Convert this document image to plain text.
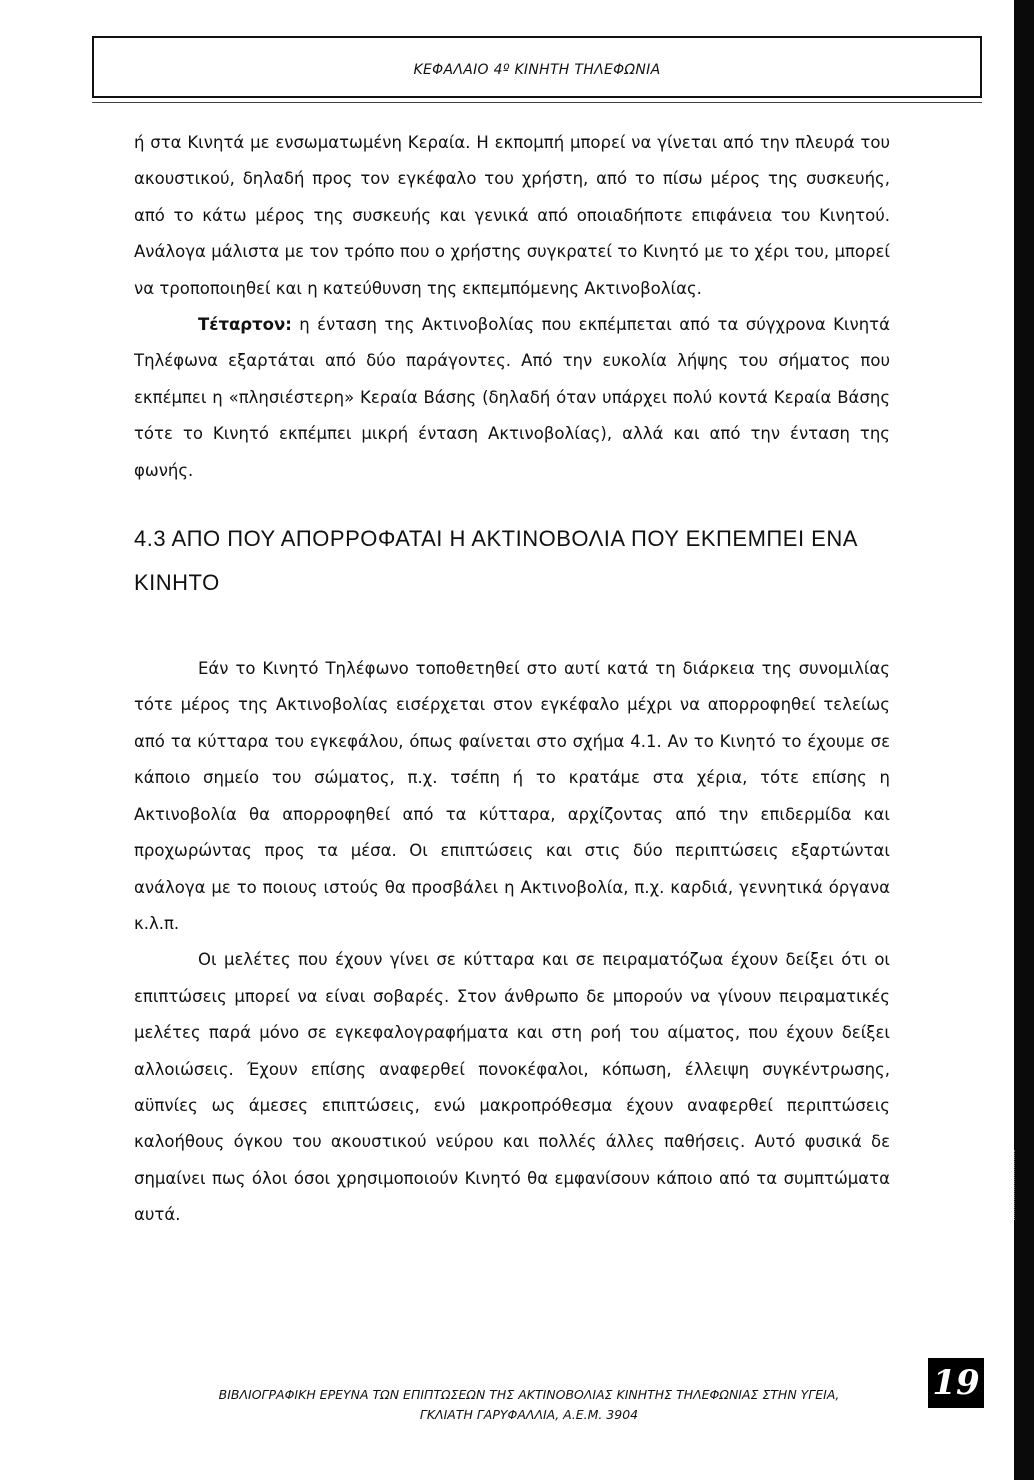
ΚΕΦΑΛΑΙΟ 4º ΚΙΝΗΤΗ ΤΗΛΕΦΩΝΙΑ

ή στα Κινητά με ενσωματωμένη Κεραία. Η εκπομπή μπορεί να γίνεται από την πλευρά του ακουστικού, δηλαδή προς τον εγκέφαλο του χρήστη, από το πίσω μέρος της συσκευής, από το κάτω μέρος της συσκευής και γενικά από οποιαδήποτε επιφάνεια του Κινητού. Ανάλογα μάλιστα με τον τρόπο που ο χρήστης συγκρατεί το Κινητό με το χέρι του, μπορεί να τροποποιηθεί και η κατεύθυνση της εκπεμπόμενης Ακτινοβολίας.

Τέταρτον: η ένταση της Ακτινοβολίας που εκπέμπεται από τα σύγχρονα Κινητά Τηλέφωνα εξαρτάται από δύο παράγοντες. Από την ευκολία λήψης του σήματος που εκπέμπει η «πλησιέστερη» Κεραία Βάσης (δηλαδή όταν υπάρχει πολύ κοντά Κεραία Βάσης τότε το Κινητό εκπέμπει μικρή ένταση Ακτινοβολίας), αλλά και από την ένταση της φωνής.

4.3 ΑΠΟ ΠΟΥ ΑΠΟΡΡΟΦΑΤΑΙ Η ΑΚΤΙΝΟΒΟΛΙΑ ΠΟΥ ΕΚΠΕΜΠΕΙ ΕΝΑ ΚΙΝΗΤΟ

Εάν το Κινητό Τηλέφωνο τοποθετηθεί στο αυτί κατά τη διάρκεια της συνομιλίας τότε μέρος της Ακτινοβολίας εισέρχεται στον εγκέφαλο μέχρι να απορροφηθεί τελείως από τα κύτταρα του εγκεφάλου, όπως φαίνεται στο σχήμα 4.1. Αν το Κινητό το έχουμε σε κάποιο σημείο του σώματος, π.χ. τσέπη ή το κρατάμε στα χέρια, τότε επίσης η Ακτινοβολία θα απορροφηθεί από τα κύτταρα, αρχίζοντας από την επιδερμίδα και προχωρώντας προς τα μέσα. Οι επιπτώσεις και στις δύο περιπτώσεις εξαρτώνται ανάλογα με το ποιους ιστούς θα προσβάλει η Ακτινοβολία, π.χ. καρδιά, γεννητικά όργανα κ.λ.π.

Οι μελέτες που έχουν γίνει σε κύτταρα και σε πειραματόζωα έχουν δείξει ότι οι επιπτώσεις μπορεί να είναι σοβαρές. Στον άνθρωπο δε μπορούν να γίνουν πειραματικές μελέτες παρά μόνο σε εγκεφαλογραφήματα και στη ροή του αίματος, που έχουν δείξει αλλοιώσεις. Έχουν επίσης αναφερθεί πονοκέφαλοι, κόπωση, έλλειψη συγκέντρωσης, αϋπνίες ως άμεσες επιπτώσεις, ενώ μακροπρόθεσμα έχουν αναφερθεί περιπτώσεις καλοήθους όγκου του ακουστικού νεύρου και πολλές άλλες παθήσεις. Αυτό φυσικά δε σημαίνει πως όλοι όσοι χρησιμοποιούν Κινητό θα εμφανίσουν κάποιο από τα συμπτώματα αυτά.

ΒΙΒΛΙΟΓΡΑΦΙΚΗ ΕΡΕΥΝΑ ΤΩΝ ΕΠΙΠΤΩΣΕΩΝ ΤΗΣ ΑΚΤΙΝΟΒΟΛΙΑΣ ΚΙΝΗΤΗΣ ΤΗΛΕΦΩΝΙΑΣ ΣΤΗΝ ΥΓΕΙΑ,
ΓΚΛΙΑΤΗ ΓΑΡΥΦΑΛΛΙΑ, Α.Ε.Μ. 3904
19
